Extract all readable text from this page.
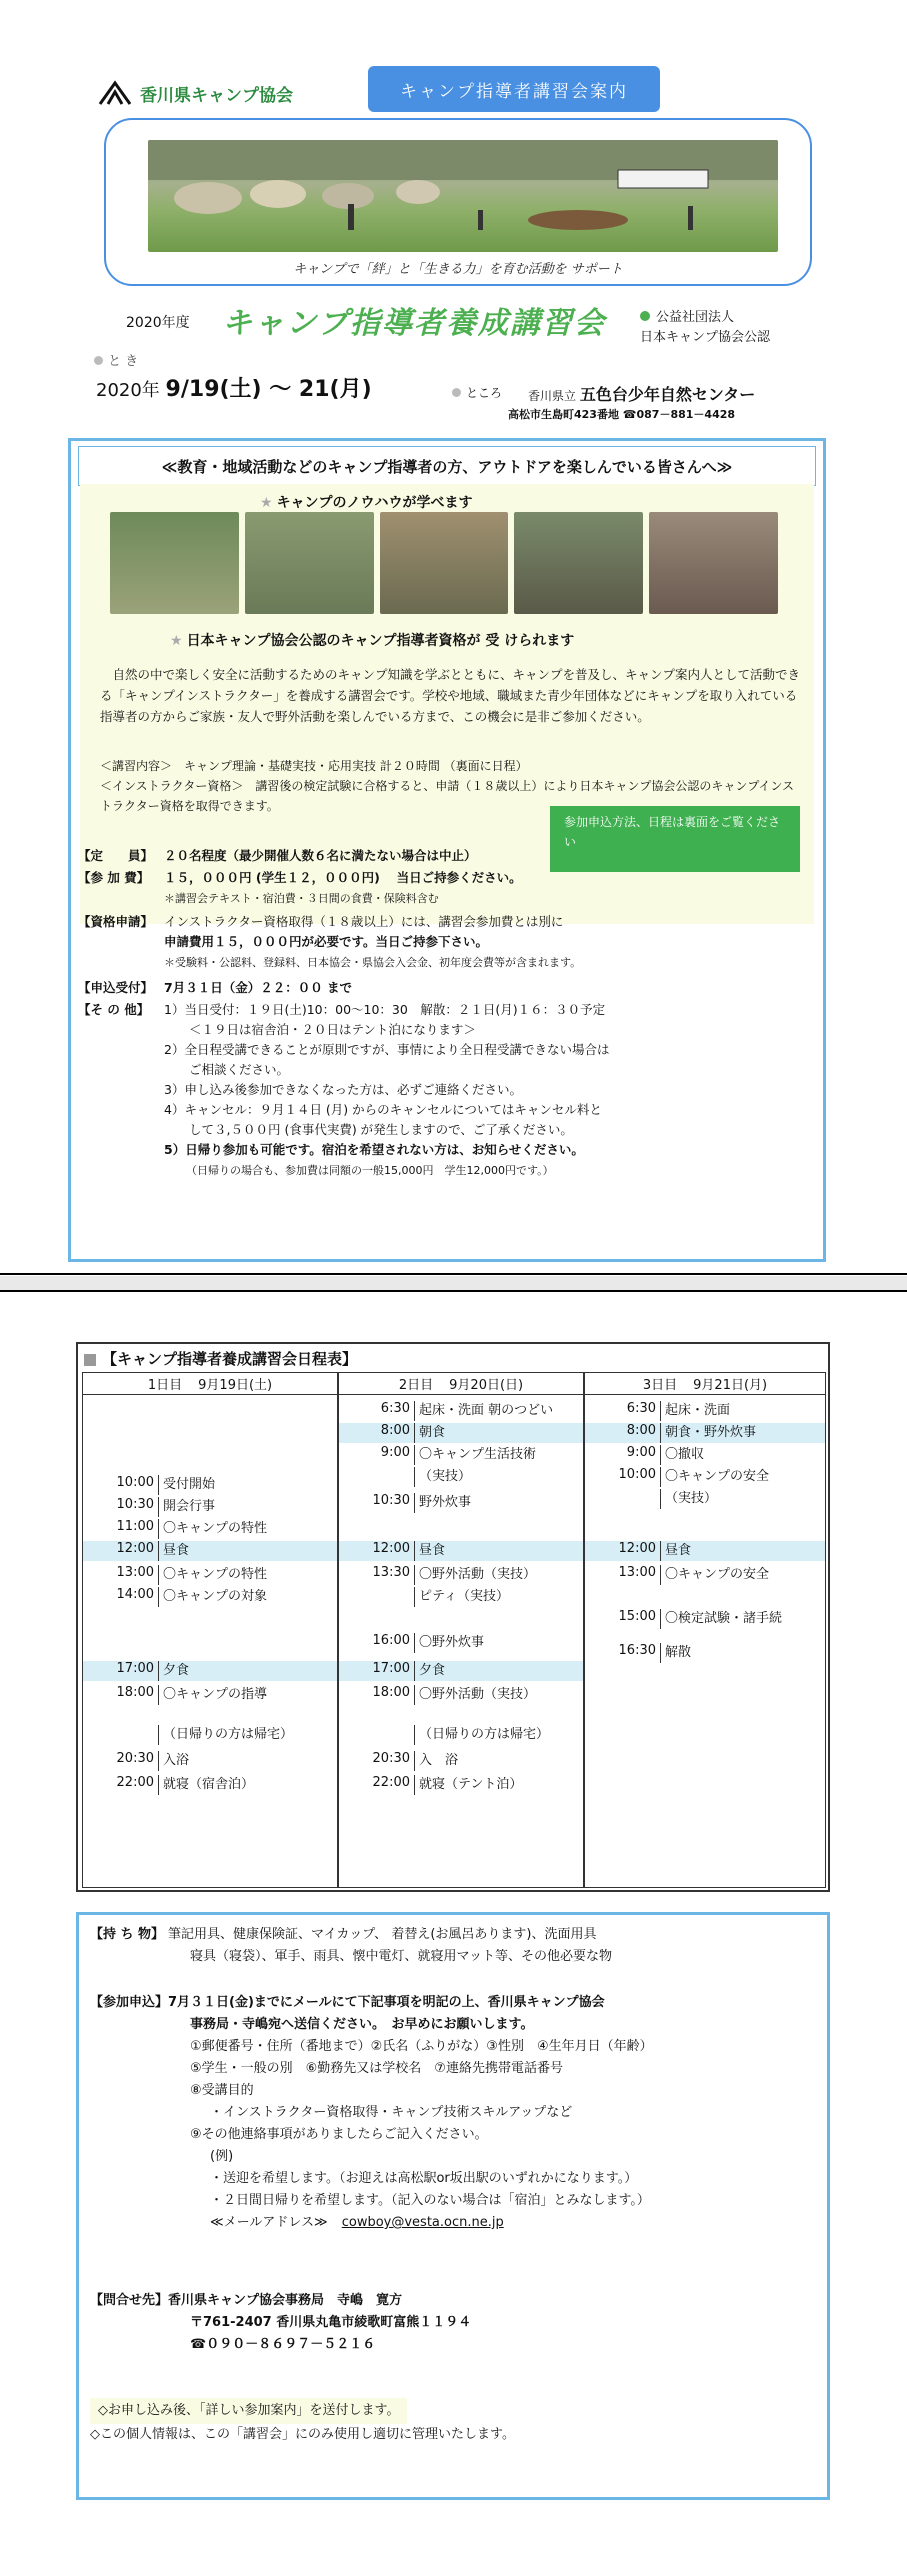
香川県キャンプ協会	キャンプ指導者講習会案内
キャンプで「絆」と「生きる力」を育む活動を サポート
2020年度 キャンプ指導者養成講習会	公益社団法人
日本キャンプ協会公認
と き
2020年 9/19(土) ～ 21(月)	ところ 香川県立 五色台少年自然センター
高松市生島町423番地 ☎087－881－4428
≪教育・地域活動などのキャンプ指導者の方、アウトドアを楽しんでいる皆さんへ≫
★ キャンプのノウハウが学べます
★ 日本キャンプ協会公認のキャンプ指導者資格が 受 けられます
自然の中で楽しく安全に活動するためのキャンプ知識を学ぶとともに、キャンプを普及し、キャンプ案内人として活動できる「キャンプインストラクター」を養成する講習会です。学校や地域、職域また青少年団体などにキャンプを取り入れている指導者の方からご家族・友人で野外活動を楽しんでいる方まで、この機会に是非ご参加ください。
＜講習内容＞　キャンプ理論・基礎実技・応用実技 計２０時間 （裏面に日程）
＜インストラクター資格＞　講習後の検定試験に合格すると、申請（１８歳以上）により日本キャンプ協会公認のキャンプインストラクター資格を取得できます。
参加申込方法、日程は裏面をご覧ください
【定　　員】 ２０名程度（最少開催人数６名に満たない場合は中止）
【参 加 費】	１５，０００円 (学生１２，０００円)　 当日ご持参ください。
＊講習会テキスト・宿泊費・３日間の食費・保険料含む
【資格申請】 インストラクター資格取得（１８歳以上）には、講習会参加費とは別に
申請費用１５，０００円が必要です。当日ご持参下さい。
＊受験料・公認料、登録料、日本協会・県協会入会金、初年度会費等が含まれます。
【申込受付】 7月３１日（金）２２：００ まで
【そ の 他】	1）当日受付：１９日(土)10：00～10：30　解散：２１日(月)１６：３０予定
＜１９日は宿舎泊・２０日はテント泊になります＞
2）全日程受講できることが原則ですが、事情により全日程受講できない場合は
ご相談ください。
3）申し込み後参加できなくなった方は、必ずご連絡ください。
4）キャンセル：９月１４日 (月) からのキャンセルについてはキャンセル料と
して３,５００円 (食事代実費) が発生しますので、ご了承ください。
5）日帰り参加も可能です。宿泊を希望されない方は、お知らせください。
（日帰りの場合も、参加費は同額の一般15,000円　学生12,000円です。）
【キャンプ指導者養成講習会日程表】
1日目 9月19日(土)
10:00 受付開始
10:30 開会行事
11:00 〇キャンプの特性
12:00 昼食
13:00 〇キャンプの特性
14:00 〇キャンプの対象
17:00 夕食
18:00 〇キャンプの指導
（日帰りの方は帰宅）
20:30 入浴
22:00 就寝（宿舎泊）
2日目 9月20日(日)
6:30 起床・洗面 朝のつどい
8:00 朝食
9:00 〇キャンプ生活技術
（実技）
10:30 野外炊事
12:00 昼食
13:30 〇野外活動（実技）
ピティ（実技）
16:00 〇野外炊事
17:00 夕食
18:00 〇野外活動（実技）
（日帰りの方は帰宅）
20:30 入　浴
22:00 就寝（テント泊）
3日目 9月21日(月)
6:30 起床・洗面
8:00 朝食・野外炊事
9:00 〇撤収
10:00 〇キャンプの安全
（実技）
12:00 昼食
13:00 〇キャンプの安全
15:00 〇検定試験・諸手続
16:30 解散
【持 ち 物】 筆記用具、健康保険証、マイカップ、 着替え(お風呂あります)、洗面用具
寝具（寝袋）、軍手、雨具、懐中電灯、就寝用マット等、その他必要な物
【参加申込】7月３１日(金)までにメールにて下記事項を明記の上、香川県キャンプ協会
事務局・寺嶋宛へ送信ください。　お早めにお願いします。
①郵便番号・住所（番地まで）②氏名（ふりがな）③性別　④生年月日（年齢）
⑤学生・一般の別　⑥勤務先又は学校名　⑦連絡先携帯電話番号
⑧受講目的
・インストラクター資格取得・キャンプ技術スキルアップなど
⑨その他連絡事項がありましたらご記入ください。
(例)
・送迎を希望します。（お迎えは高松駅or坂出駅のいずれかになります。）
・２日間日帰りを希望します。（記入のない場合は「宿泊」とみなします。）
≪メールアドレス≫ cowboy@vesta.ocn.ne.jp
【問合せ先】香川県キャンプ協会事務局　寺嶋　寛方
〒761-2407 香川県丸亀市綾歌町富熊１１９４
☎０９０－８６９７－５２１６
◇お申し込み後、「詳しい参加案内」を送付します。
◇この個人情報は、この「講習会」にのみ使用し適切に管理いたします。
